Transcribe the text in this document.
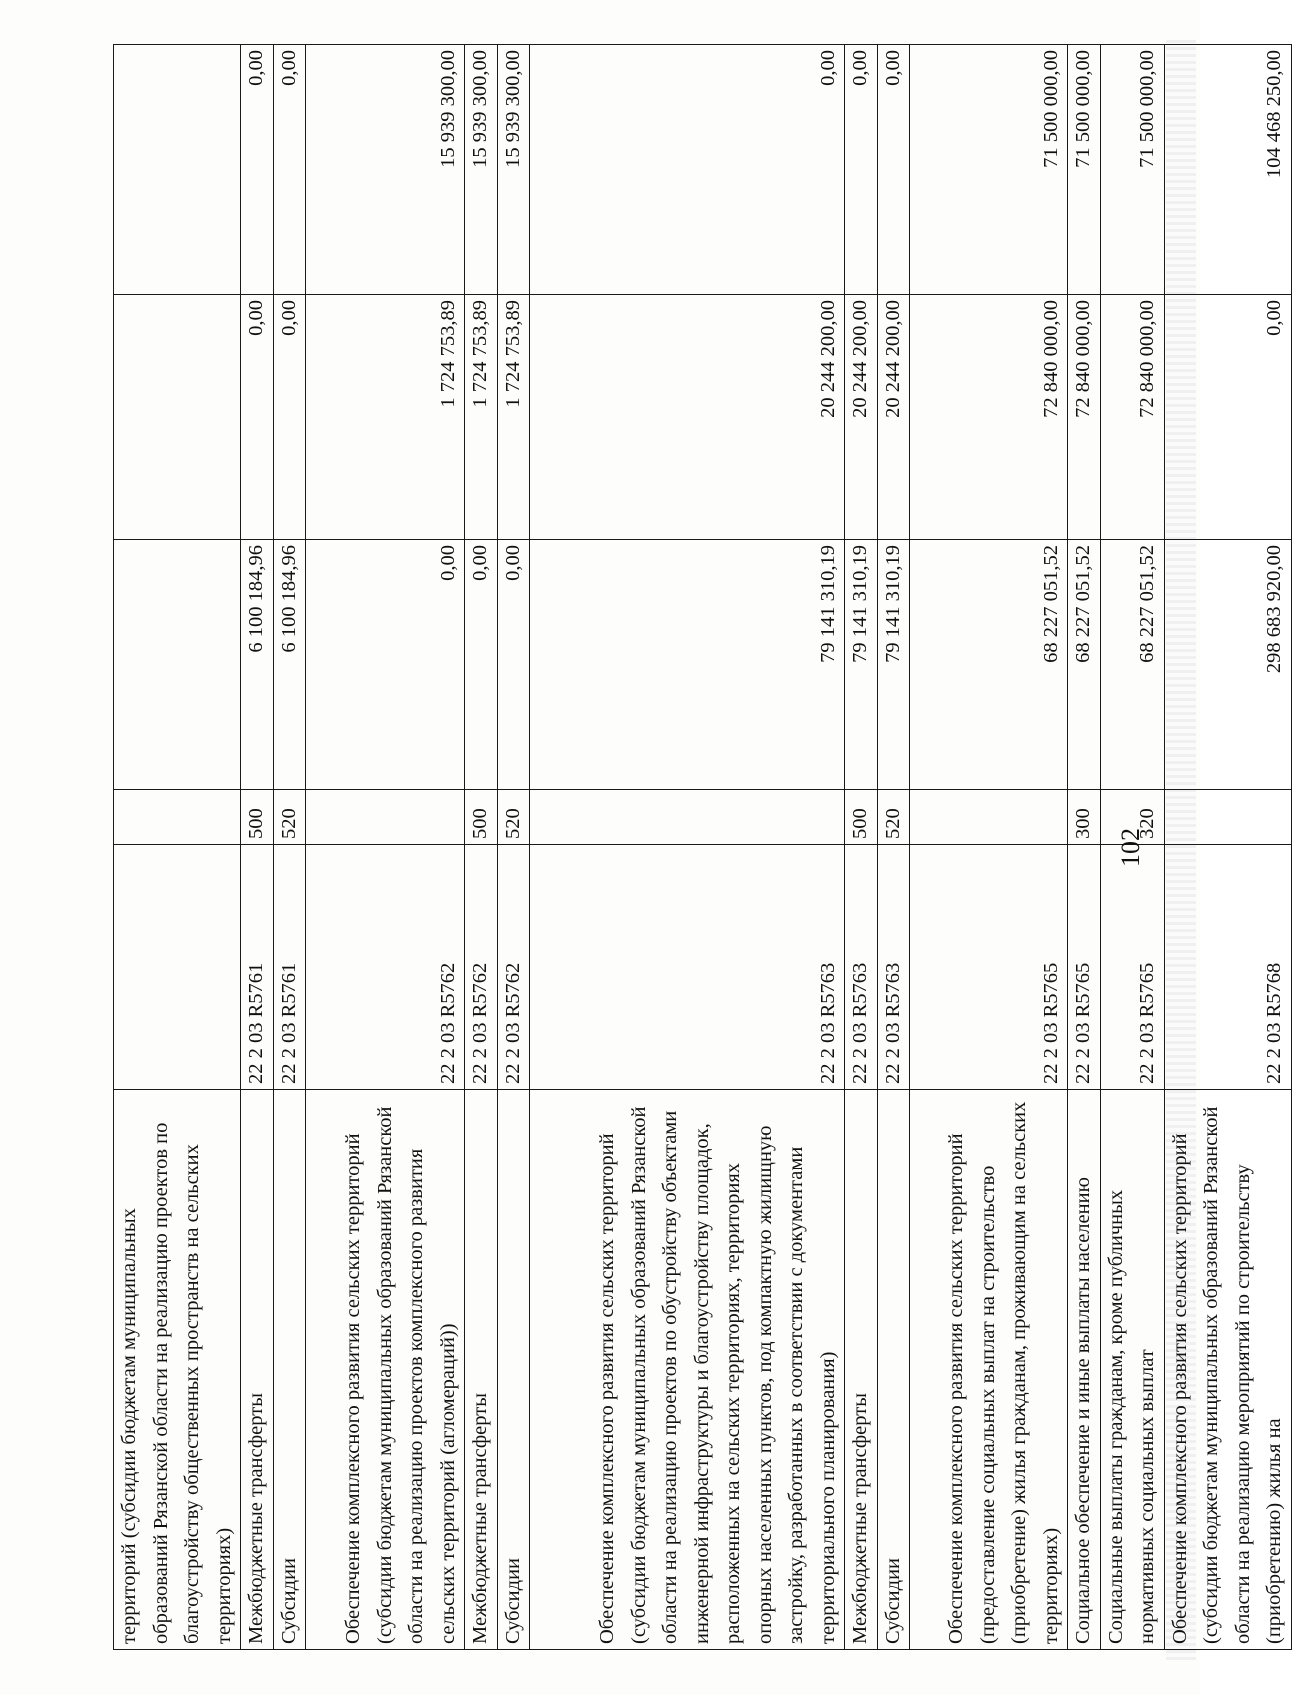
территорий (субсидии бюджетам муниципальных образований Рязанской области на реализацию проектов по благоустройству общественных пространств на сельских территориях)					
Межбюджетные трансферты	22 2 03 R5761	500	6 100 184,96	0,00	0,00
Субсидии	22 2 03 R5761	520	6 100 184,96	0,00	0,00
Обеспечение комплексного развития сельских территорий (субсидии бюджетам муниципальных образований Рязанской области на реализацию проектов комплексного развития сельских территорий (агломераций))	22 2 03 R5762		0,00	1 724 753,89	15 939 300,00
Межбюджетные трансферты	22 2 03 R5762	500	0,00	1 724 753,89	15 939 300,00
Субсидии	22 2 03 R5762	520	0,00	1 724 753,89	15 939 300,00
Обеспечение комплексного развития сельских территорий (субсидии бюджетам муниципальных образований Рязанской области на реализацию проектов по обустройству объектами инженерной инфраструктуры и благоустройству площадок, расположенных на сельских территориях, территориях опорных населенных пунктов, под компактную жилищную застройку, разработанных в соответствии с документами территориального планирования)	22 2 03 R5763		79 141 310,19	20 244 200,00	0,00
Межбюджетные трансферты	22 2 03 R5763	500	79 141 310,19	20 244 200,00	0,00
Субсидии	22 2 03 R5763	520	79 141 310,19	20 244 200,00	0,00
Обеспечение комплексного развития сельских территорий (предоставление социальных выплат на строительство (приобретение) жилья гражданам, проживающим на сельских территориях)	22 2 03 R5765		68 227 051,52	72 840 000,00	71 500 000,00
Социальное обеспечение и иные выплаты населению	22 2 03 R5765	300	68 227 051,52	72 840 000,00	71 500 000,00
Социальные выплаты гражданам, кроме публичных нормативных социальных выплат	22 2 03 R5765	320	68 227 051,52	72 840 000,00	71 500 000,00
Обеспечение комплексного развития сельских территорий (субсидии бюджетам муниципальных образований Рязанской области на реализацию мероприятий по строительству (приобретению) жилья на	22 2 03 R5768		298 683 920,00	0,00	104 468 250,00
102
